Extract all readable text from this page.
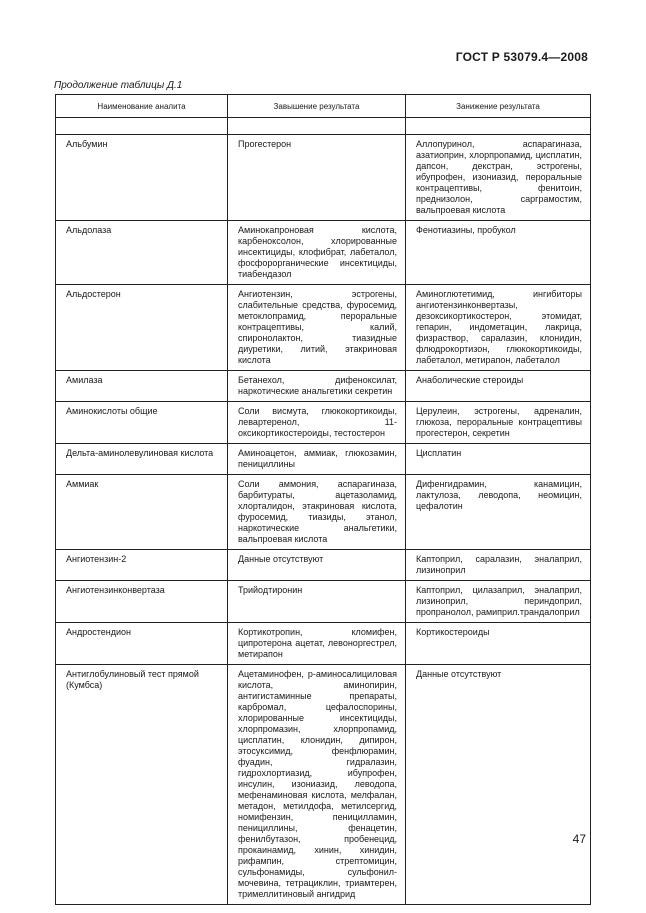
ГОСТ Р 53079.4—2008
Продолжение таблицы Д.1
Наименование аналита	Завышение результата	Занижение результата

Альбумин	Прогестерон	Аллопуринол, аспарагиназа, азатиоприн, хлорпропамид, цисплатин, дапсон, декстран, эстрогены, ибупрофен, изониазид, пероральные контрацептивы, фенитоин, преднизолон, сарграмостим, вальпроевая кислота
Альдолаза	Аминокапроновая кислота, карбеноксолон, хлорированные инсектициды, клофибрат, лабеталол, фосфорорганические инсектициды, тиабендазол	Фенотиазины, пробукол
Альдостерон	Ангиотензин, эстрогены, слабительные средства, фуросемид, метоклопрамид, пероральные контрацептивы, калий, спиронолактон, тиазидные диуретики, литий, этакриновая кислота	Аминоглютетимид, ингибиторы ангиотензинконвертазы, дезоксикортикостерон, этомидат, гепарин, индометацин, лакрица, физраствор, саралазин, клонидин, флюдрокортизон, глюкокортикоиды, лабеталол, метирапон, лабеталол
Амилаза	Бетанехол, дифеноксилат, наркотические анальгетики секретин	Анаболические стероиды
Аминокислоты общие	Соли висмута, глюкокортикоиды, левартеренол, 11-оксикортикостероиды, тестостерон	Церулеин, эстрогены, адреналин, глюкоза, пероральные контрацептивы прогестерон, секретин
Дельта-аминолевулиновая кислота	Аминоацетон, аммиак, глюкозамин, пенициллины	Цисплатин
Аммиак	Соли аммония, аспарагиназа, барбитураты, ацетазоламид, хлорталидон, этакриновая кислота, фуросемид, тиазиды, этанол, наркотические анальгетики, вальпроевая кислота	Дифенгидрамин, канамицин, лактулоза, леводопа, неомицин, цефалотин
Ангиотензин-2	Данные отсутствуют	Каптоприл, саралазин, эналаприл, лизиноприл
Ангиотензинконвертаза	Трийодтиронин	Каптоприл, цилазаприл, эналаприл, лизиноприл, периндоприл, пропранолол, рамиприл.трандалоприл
Андростендион	Кортикотропин, кломифен, ципротерона ацетат, левоноргестрел, метирапон	Кортикостероиды
Антиглобулиновый тест прямой (Кумбса)	Ацетаминофен, р-аминосалициловая кислота, аминопирин, антигистаминные препараты, карбромал, цефалоспорины, хлорированные инсектициды, хлорпромазин, хлорпропамид, цисплатин, клонидин, дипирон, этосуксимид, фенфлюрамин, фуадин, гидралазин, гидрохлортиазид, ибупрофен, инсулин, изониазид, леводопа, мефенаминовая кислота, мелфалан, метадон, метилдофа, метилсергид, номифензин, пеницилламин, пенициллины, фенацетин, фенилбутазон, пробенецид, прокаинамид, хинин, хинидин, рифампин, стрептомицин, сульфонамиды, сульфонил-мочевина, тетрациклин, триамтерен, тримеллитиновый ангидрид	Данные отсутствуют
47
